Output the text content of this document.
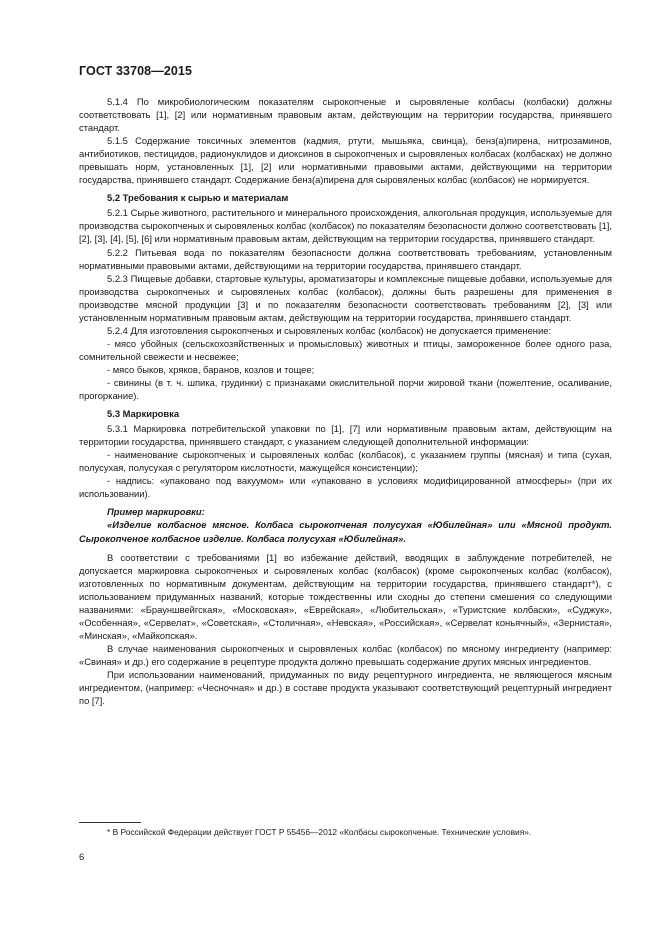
ГОСТ 33708—2015

5.1.4 По микробиологическим показателям сырокопченые и сыровяленые колбасы (колбаски) должны соответствовать [1], [2] или нормативным правовым актам, действующим на территории государства, принявшего стандарт.

5.1.5 Содержание токсичных элементов (кадмия, ртути, мышьяка, свинца), бенз(а)пирена, нитрозаминов, антибиотиков, пестицидов, радионуклидов и диоксинов в сырокопченых и сыровяленых колбасах (колбасках) не должно превышать норм, установленных [1], [2] или нормативными правовыми актами, действующими на территории государства, принявшего стандарт. Содержание бенз(а)пирена для сыровяленых колбас (колбасок) не нормируется.

5.2 Требования к сырью и материалам

5.2.1 Сырье животного, растительного и минерального происхождения, алкогольная продукция, используемые для производства сырокопченых и сыровяленых колбас (колбасок) по показателям безопасности должно соответствовать [1], [2], [3], [4], [5], [6] или нормативным правовым актам, действующим на территории государства, принявшего стандарт.

5.2.2 Питьевая вода по показателям безопасности должна соответствовать требованиям, установленным нормативными правовыми актами, действующими на территории государства, принявшего стандарт.

5.2.3 Пищевые добавки, стартовые культуры, ароматизаторы и комплексные пищевые добавки, используемые для производства сырокопченых и сыровяленых колбас (колбасок), должны быть разрешены для применения в производстве мясной продукции [3] и по показателям безопасности соответствовать требованиям [2], [3] или установленным нормативным правовым актам, действующим на территории государства, принявшего стандарт.

5.2.4 Для изготовления сырокопченых и сыровяленых колбас (колбасок) не допускается применение:

- мясо убойных (сельскохозяйственных и промысловых) животных и птицы, замороженное более одного раза, сомнительной свежести и несвежее;

- мясо быков, хряков, баранов, козлов и тощее;

- свинины (в т. ч. шпика, грудинки) с признаками окислительной порчи жировой ткани (пожелтение, осаливание, прогоркание).

5.3 Маркировка

5.3.1 Маркировка потребительской упаковки по [1], [7] или нормативным правовым актам, действующим на территории государства, принявшего стандарт, с указанием следующей дополнительной информации:

- наименование сырокопченых и сыровяленых колбас (колбасок), с указанием группы (мясная) и типа (сухая, полусухая, полусухая с регулятором кислотности, мажущейся консистенции);

- надпись: «упаковано под вакуумом» или «упаковано в условиях модифицированной атмосферы» (при их использовании).

Пример маркировки:

«Изделие колбасное мясное. Колбаса сырокопченая полусухая «Юбилейная» или «Мясной продукт. Сырокопченое колбасное изделие. Колбаса полусухая «Юбилейная».

В соответствии с требованиями [1] во избежание действий, вводящих в заблуждение потребителей, не допускается маркировка сырокопченых и сыровяленых колбас (колбасок) (кроме сырокопченых колбас (колбасок), изготовленных по нормативным документам, действующим на территории государства, принявшего стандарт*), с использованием придуманных названий, которые тождественны или сходны до степени смешения со следующими названиями: «Брауншвейгская», «Московская», «Еврейская», «Любительская», «Туристские колбаски», «Суджук», «Особенная», «Сервелат», «Советская», «Столичная», «Невская», «Российская», «Сервелат коньячный», «Зернистая», «Минская», «Майкопская».

В случае наименования сырокопченых и сыровяленых колбас (колбасок) по мясному ингредиенту (например: «Свиная» и др.) его содержание в рецептуре продукта должно превышать содержание других мясных ингредиентов.

При использовании наименований, придуманных по виду рецептурного ингредиента, не являющегося мясным ингредиентом, (например: «Чесночная» и др.) в составе продукта указывают соответствующий рецептурный ингредиент по [7].

* В Российской Федерации действует ГОСТ Р 55456—2012 «Колбасы сырокопченые. Технические условия».
6
